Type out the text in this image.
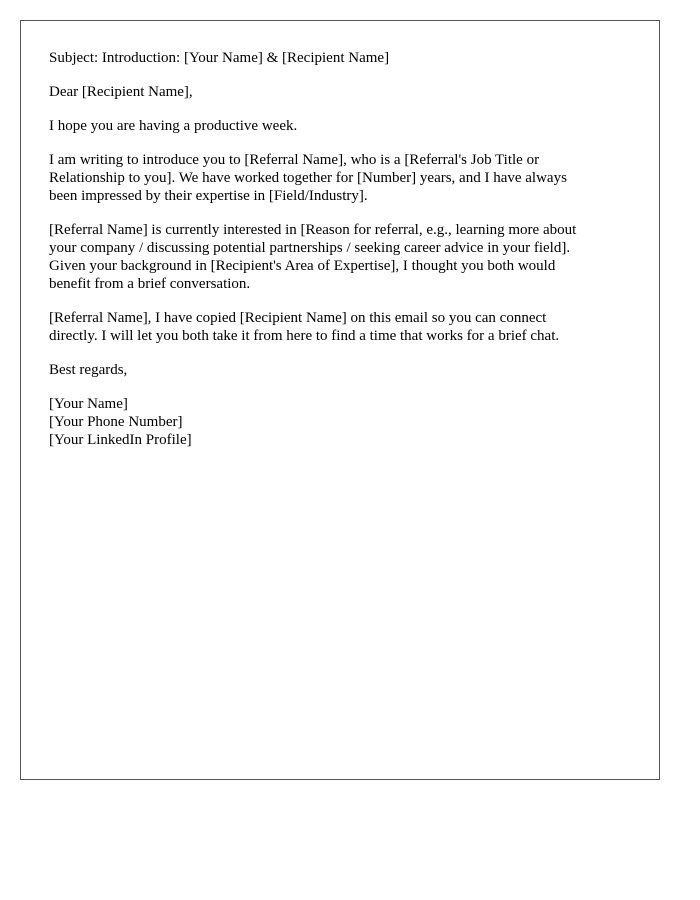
Subject: Introduction: [Your Name] & [Recipient Name]

Dear [Recipient Name],

I hope you are having a productive week.

I am writing to introduce you to [Referral Name], who is a [Referral's Job Title or
Relationship to you]. We have worked together for [Number] years, and I have always
been impressed by their expertise in [Field/Industry].

[Referral Name] is currently interested in [Reason for referral, e.g., learning more about
your company / discussing potential partnerships / seeking career advice in your field].
Given your background in [Recipient's Area of Expertise], I thought you both would
benefit from a brief conversation.

[Referral Name], I have copied [Recipient Name] on this email so you can connect
directly. I will let you both take it from here to find a time that works for a brief chat.

Best regards,

[Your Name]
[Your Phone Number]
[Your LinkedIn Profile]
